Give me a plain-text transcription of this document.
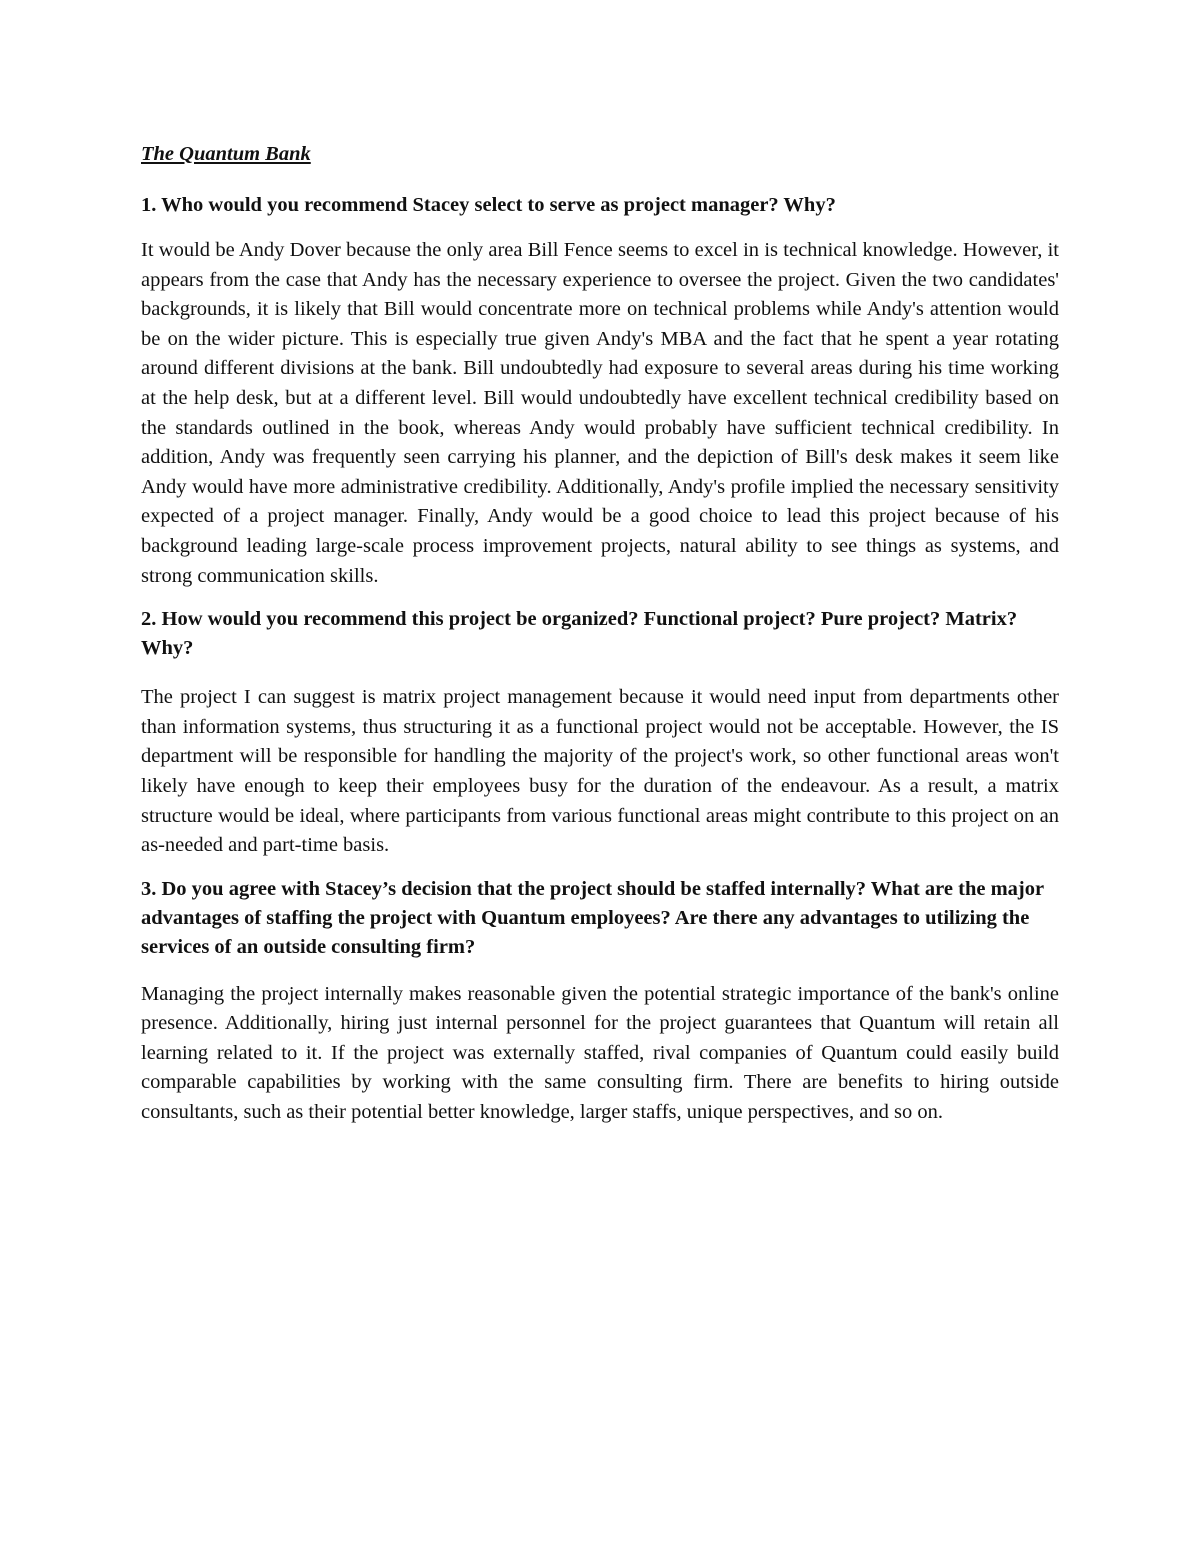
The Quantum Bank
1. Who would you recommend Stacey select to serve as project manager? Why?
It would be Andy Dover because the only area Bill Fence seems to excel in is technical knowledge. However, it appears from the case that Andy has the necessary experience to oversee the project. Given the two candidates' backgrounds, it is likely that Bill would concentrate more on technical problems while Andy's attention would be on the wider picture. This is especially true given Andy's MBA and the fact that he spent a year rotating around different divisions at the bank. Bill undoubtedly had exposure to several areas during his time working at the help desk, but at a different level. Bill would undoubtedly have excellent technical credibility based on the standards outlined in the book, whereas Andy would probably have sufficient technical credibility. In addition, Andy was frequently seen carrying his planner, and the depiction of Bill's desk makes it seem like Andy would have more administrative credibility. Additionally, Andy's profile implied the necessary sensitivity expected of a project manager. Finally, Andy would be a good choice to lead this project because of his background leading large-scale process improvement projects, natural ability to see things as systems, and strong communication skills.
2. How would you recommend this project be organized? Functional project? Pure project? Matrix? Why?
The project I can suggest is matrix project management because it would need input from departments other than information systems, thus structuring it as a functional project would not be acceptable. However, the IS department will be responsible for handling the majority of the project's work, so other functional areas won't likely have enough to keep their employees busy for the duration of the endeavour. As a result, a matrix structure would be ideal, where participants from various functional areas might contribute to this project on an as-needed and part-time basis.
3. Do you agree with Stacey’s decision that the project should be staffed internally? What are the major advantages of staffing the project with Quantum employees? Are there any advantages to utilizing the services of an outside consulting firm?
Managing the project internally makes reasonable given the potential strategic importance of the bank's online presence. Additionally, hiring just internal personnel for the project guarantees that Quantum will retain all learning related to it. If the project was externally staffed, rival companies of Quantum could easily build comparable capabilities by working with the same consulting firm. There are benefits to hiring outside consultants, such as their potential better knowledge, larger staffs, unique perspectives, and so on.
